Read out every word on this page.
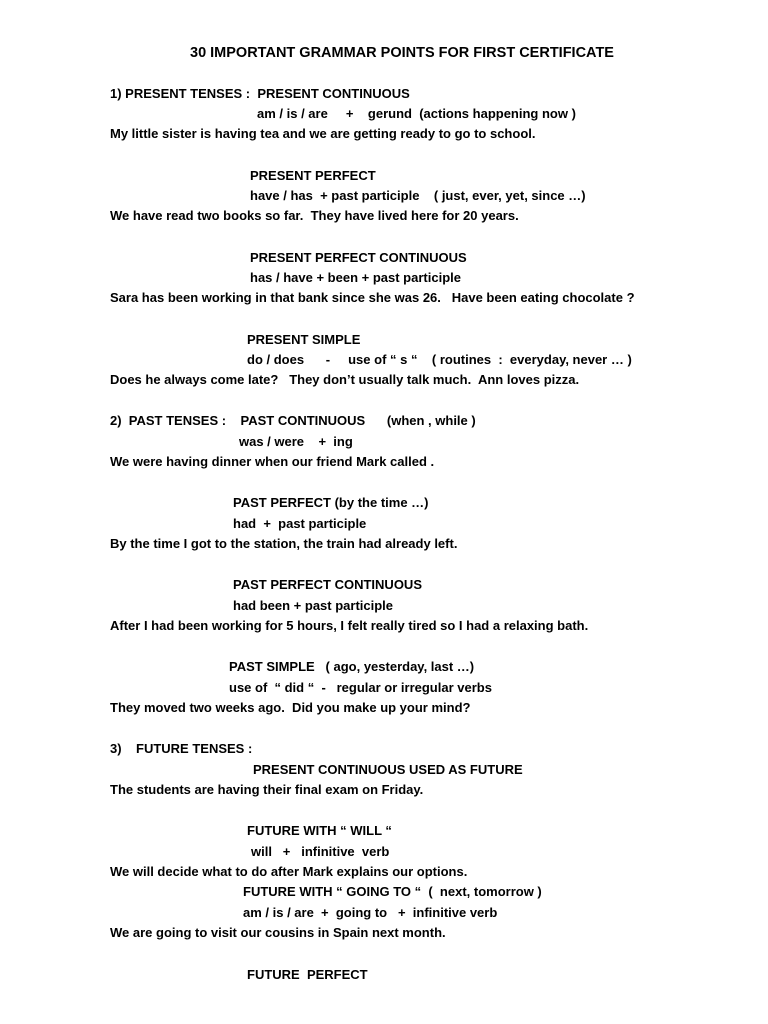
30 IMPORTANT GRAMMAR POINTS FOR FIRST CERTIFICATE
1) PRESENT TENSES :  PRESENT CONTINUOUS
am / is / are     +    gerund  (actions happening now )
My little sister is having tea and we are getting ready to go to school.
PRESENT PERFECT
have / has  + past participle    ( just, ever, yet, since …)
We have read two books so far.  They have lived here for 20 years.
PRESENT PERFECT CONTINUOUS
has / have + been + past participle
Sara has been working in that bank since she was 26.   Have been eating chocolate ?
PRESENT SIMPLE
do / does      -     use of “ s “    ( routines  :  everyday, never … )
Does he always come late?   They don’t usually talk much.  Ann loves pizza.
2)  PAST TENSES :    PAST CONTINUOUS      (when , while )
was / were    +  ing
We were having dinner when our friend Mark called .
PAST PERFECT (by the time …)
had  +  past participle
By the time I got to the station, the train had already left.
PAST PERFECT CONTINUOUS
had been + past participle
After I had been working for 5 hours, I felt really tired so I had a relaxing bath.
PAST SIMPLE   ( ago, yesterday, last …)
use of  “ did “  -   regular or irregular verbs
They moved two weeks ago.  Did you make up your mind?
3)    FUTURE TENSES :
PRESENT CONTINUOUS USED AS FUTURE
The students are having their final exam on Friday.
FUTURE WITH “ WILL “
will   +   infinitive  verb
We will decide what to do after Mark explains our options.
FUTURE WITH “ GOING TO “  (  next, tomorrow )
am / is / are  +  going to   +  infinitive verb
We are going to visit our cousins in Spain next month.
FUTURE  PERFECT
